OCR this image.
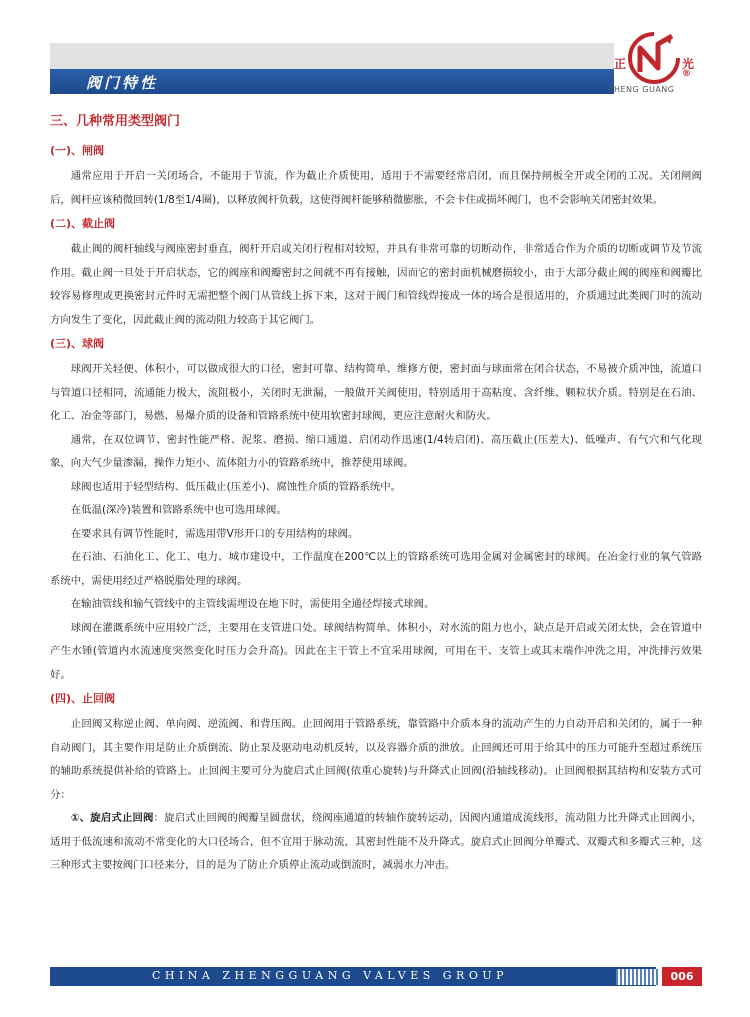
阀门特性
正	光
®
ZHENG GUANG
三、几种常用类型阀门
(一)、闸阀

通常应用于开启一关闭场合，不能用于节流，作为截止介质使用，适用于不需要经常启闭，而且保持闸板全开或全闭的工况。关闭闸阀后，阀杆应该稍微回转(1/8至1/4圈)，以释放阀杆负载，这使得阀杆能够稍微膨胀，不会卡住或损坏阀门，也不会影响关闭密封效果。

(二)、截止阀

截止阀的阀杆轴线与阀座密封垂直，阀杆开启或关闭行程相对较短，并具有非常可靠的切断动作，非常适合作为介质的切断或调节及节流作用。截止阀一旦处于开启状态，它的阀座和阀瓣密封之间就不再有接触，因而它的密封面机械磨损较小，由于大部分截止阀的阀座和阀瓣比较容易修理或更换密封元件时无需把整个阀门从管线上拆下来，这对于阀门和管线焊接成一体的场合是很适用的，介质通过此类阀门时的流动方向发生了变化，因此截止阀的流动阻力较高于其它阀门。

(三)、球阀

球阀开关轻便、体积小，可以做成很大的口径，密封可靠、结构简单、维修方便，密封面与球面常在闭合状态，不易被介质冲蚀，流道口与管道口径相同，流通能力极大，流阻极小，关闭时无泄漏，一般做开关阀使用，特别适用于高粘度、含纤维、颗粒状介质。特别是在石油、化工、冶金等部门，易燃、易爆介质的设备和管路系统中使用软密封球阀，更应注意耐火和防火。

通常，在双位调节、密封性能严格、泥浆、磨损、缩口通道、启闭动作迅速(1/4转启闭)、高压截止(压差大)、低噪声、有气穴和气化现象，向大气少量渗漏，操作力矩小、流体阻力小的管路系统中，推荐使用球阀。

球阀也适用于轻型结构、低压截止(压差小)、腐蚀性介质的管路系统中。

在低温(深冷)装置和管路系统中也可选用球阀。

在要求具有调节性能时，需选用带V形开口的专用结构的球阀。

在石油、石油化工、化工、电力、城市建设中，工作温度在200℃以上的管路系统可选用金属对金属密封的球阀。在冶金行业的氧气管路系统中，需使用经过严格脱脂处理的球阀。

在输油管线和输气管线中的主管线需埋设在地下时，需使用全通径焊接式球阀。

球阀在灌溉系统中应用较广泛，主要用在支管进口处。球阀结构简单、体积小，对水流的阻力也小，缺点是开启或关闭太快，会在管道中产生水锤(管道内水流速度突然变化时压力会升高)。因此在主干管上不宜采用球阀，可用在干、支管上或其末端作冲洗之用，冲洗排污效果好。

(四)、止回阀

止回阀又称逆止阀、单向阀、逆流阀、和背压阀。止回阀用于管路系统，靠管路中介质本身的流动产生的力自动开启和关闭的，属于一种自动阀门，其主要作用是防止介质倒流、防止泵及驱动电动机反转，以及容器介质的泄放。止回阀还可用于给其中的压力可能升至超过系统压的辅助系统提供补给的管路上。止回阀主要可分为旋启式止回阀(依重心旋转)与升降式止回阀(沿轴线移动)。止回阀根据其结构和安装方式可分：

①、旋启式止回阀：旋启式止回阀的阀瓣呈圆盘状，绕阀座通道的转轴作旋转运动，因阀内通道成流线形，流动阻力比升降式止回阀小，适用于低流速和流动不常变化的大口径场合，但不宜用于脉动流，其密封性能不及升降式。旋启式止回阀分单瓣式、双瓣式和多瓣式三种，这三种形式主要按阀门口径来分，目的是为了防止介质停止流动或倒流时，减弱水力冲击。

CHINA ZHENGGUANG VALVES GROUP	006
